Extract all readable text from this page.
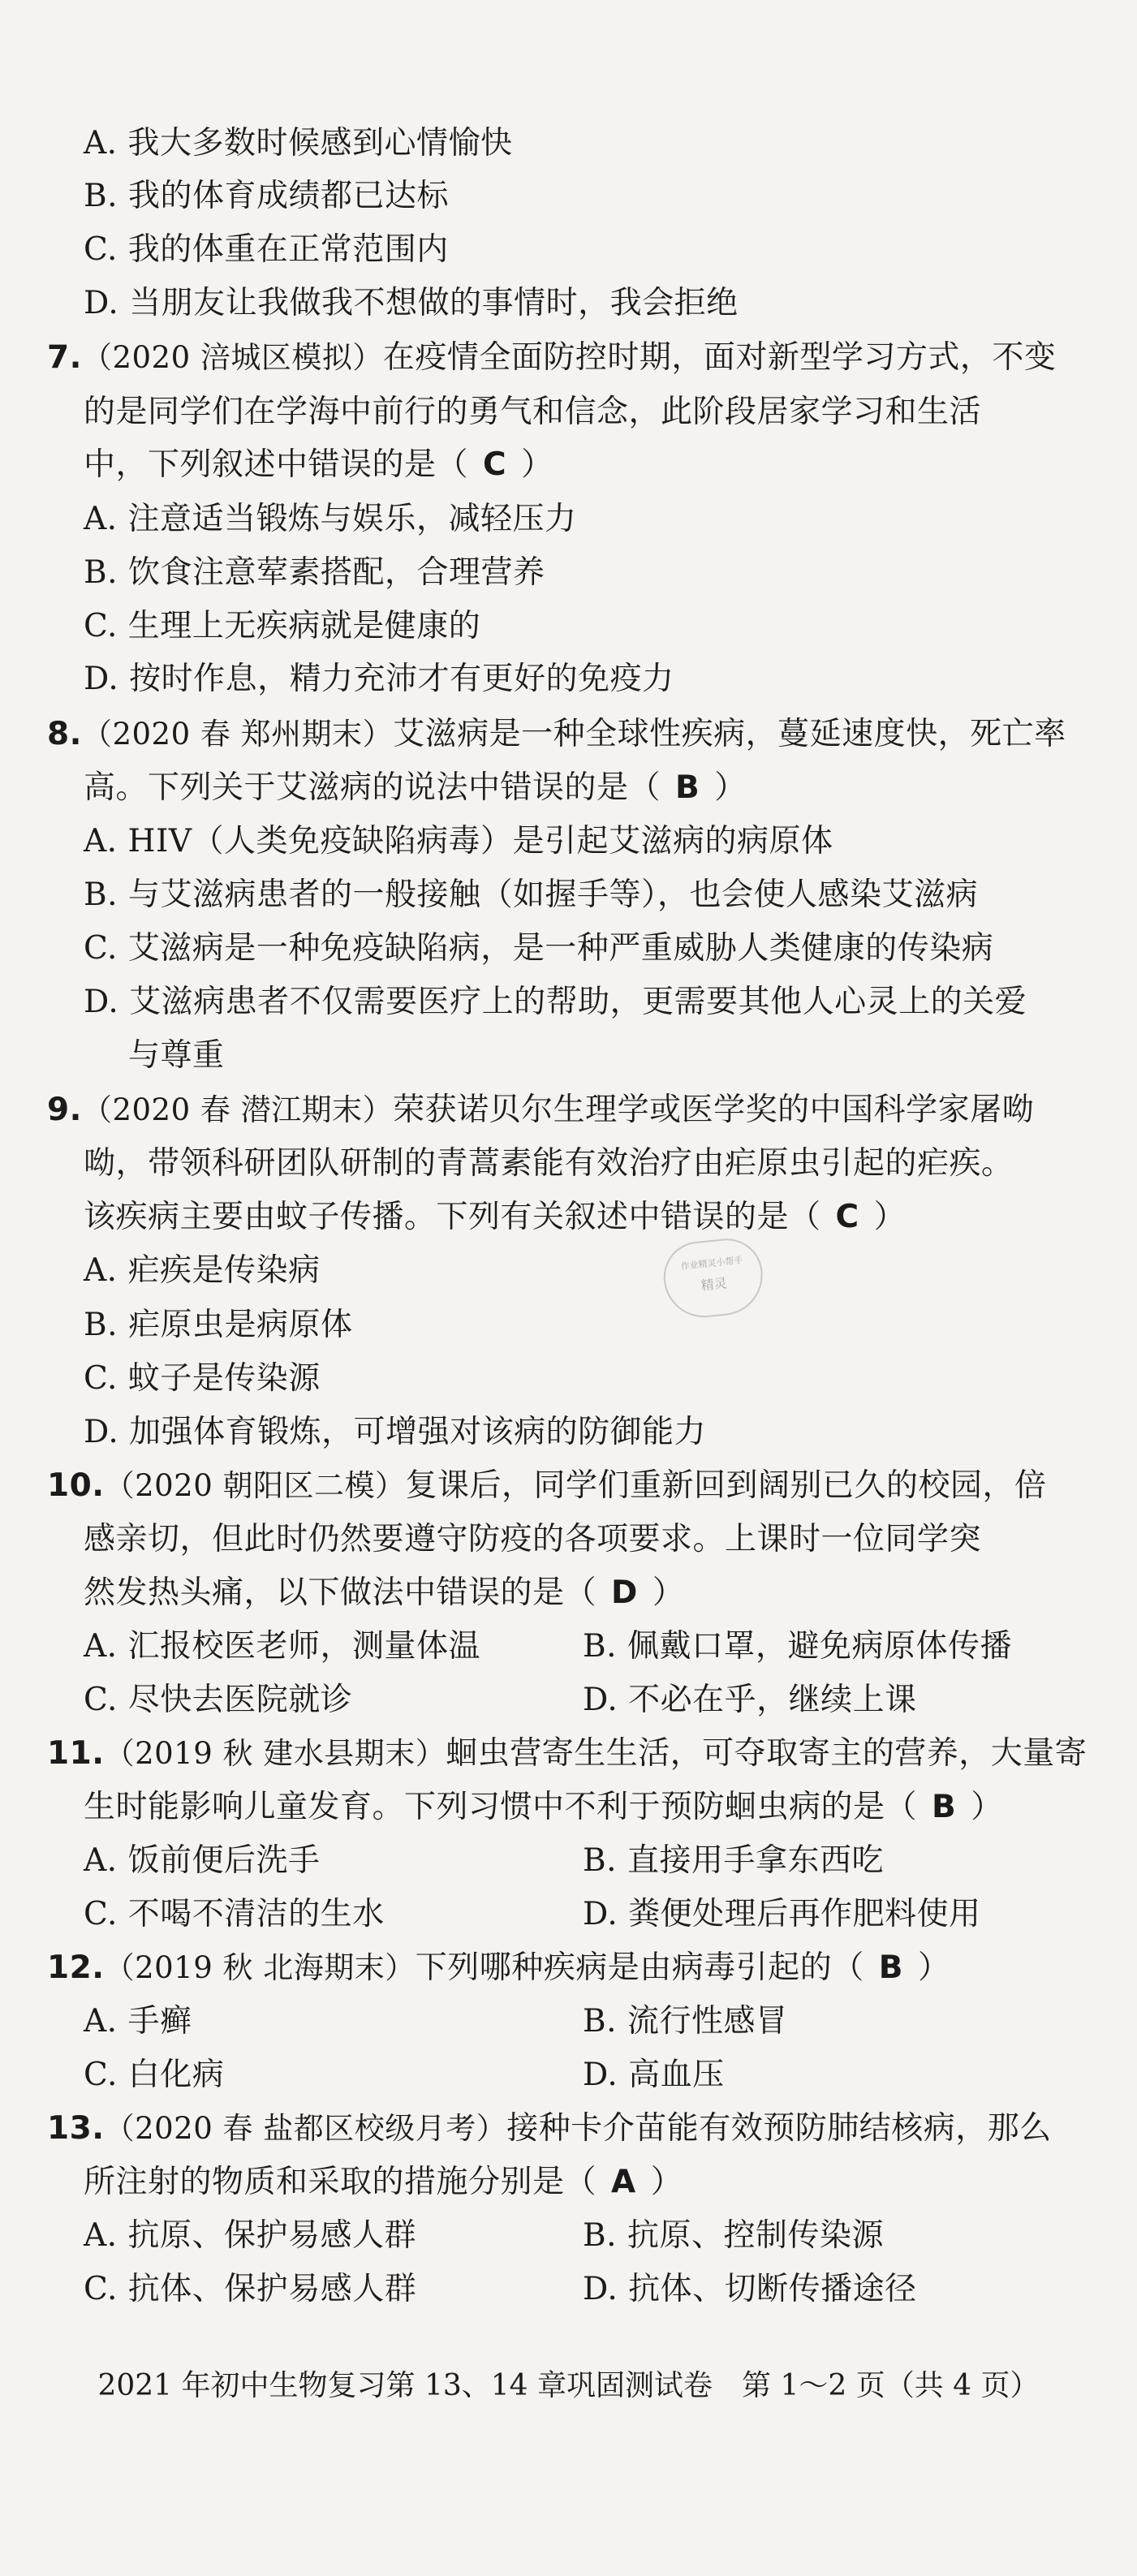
A. 我大多数时候感到心情愉快
B. 我的体育成绩都已达标
C. 我的体重在正常范围内
D. 当朋友让我做我不想做的事情时，我会拒绝
7.（2020 涪城区模拟）在疫情全面防控时期，面对新型学习方式，不变
的是同学们在学海中前行的勇气和信念，此阶段居家学习和生活
中，下列叙述中错误的是（ C ）
A. 注意适当锻炼与娱乐，减轻压力
B. 饮食注意荤素搭配，合理营养
C. 生理上无疾病就是健康的
D. 按时作息，精力充沛才有更好的免疫力
8.（2020 春 郑州期末）艾滋病是一种全球性疾病，蔓延速度快，死亡率
高。下列关于艾滋病的说法中错误的是（ B ）
A. HIV（人类免疫缺陷病毒）是引起艾滋病的病原体
B. 与艾滋病患者的一般接触（如握手等），也会使人感染艾滋病
C. 艾滋病是一种免疫缺陷病，是一种严重威胁人类健康的传染病
D. 艾滋病患者不仅需要医疗上的帮助，更需要其他人心灵上的关爱
与尊重
9.（2020 春 潜江期末）荣获诺贝尔生理学或医学奖的中国科学家屠呦
呦，带领科研团队研制的青蒿素能有效治疗由疟原虫引起的疟疾。
该疾病主要由蚊子传播。下列有关叙述中错误的是（ C ）
A. 疟疾是传染病
B. 疟原虫是病原体
C. 蚊子是传染源
D. 加强体育锻炼，可增强对该病的防御能力
10.（2020 朝阳区二模）复课后，同学们重新回到阔别已久的校园，倍
感亲切，但此时仍然要遵守防疫的各项要求。上课时一位同学突
然发热头痛，以下做法中错误的是（ D ）
A. 汇报校医老师，测量体温	B. 佩戴口罩，避免病原体传播
C. 尽快去医院就诊	D. 不必在乎，继续上课
11.（2019 秋 建水县期末）蛔虫营寄生生活，可夺取寄主的营养，大量寄
生时能影响儿童发育。下列习惯中不利于预防蛔虫病的是（ B ）
A. 饭前便后洗手	B. 直接用手拿东西吃
C. 不喝不清洁的生水	D. 粪便处理后再作肥料使用
12.（2019 秋 北海期末）下列哪种疾病是由病毒引起的（ B ）
A. 手癣	B. 流行性感冒
C. 白化病	D. 高血压
13.（2020 春 盐都区校级月考）接种卡介苗能有效预防肺结核病，那么
所注射的物质和采取的措施分别是（ A ）
A. 抗原、保护易感人群	B. 抗原、控制传染源
C. 抗体、保护易感人群	D. 抗体、切断传播途径
作业精灵小帮手
精灵
2021 年初中生物复习第 13、14 章巩固测试卷　第 1～2 页（共 4 页）
